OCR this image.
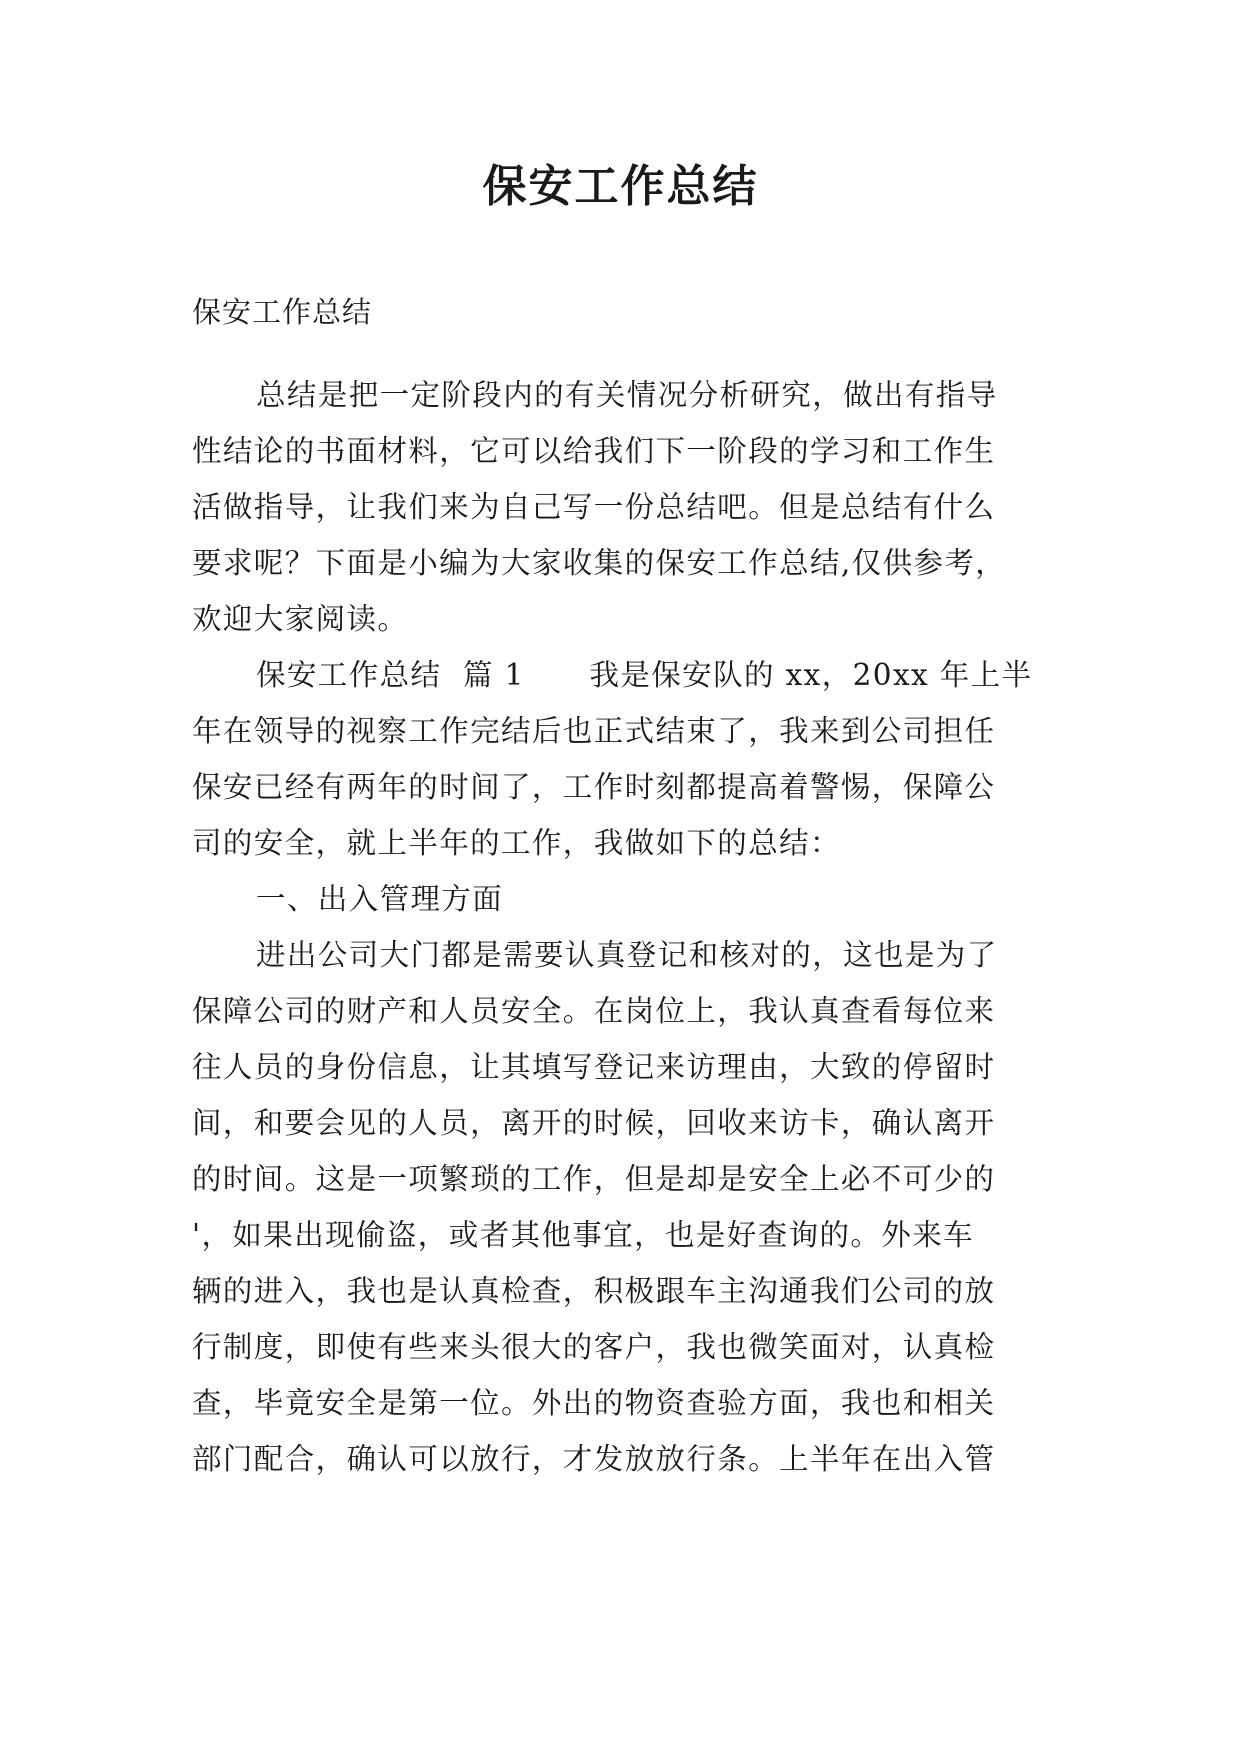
保安工作总结
保安工作总结
总结是把一定阶段内的有关情况分析研究，做出有指导
性结论的书面材料，它可以给我们下一阶段的学习和工作生
活做指导，让我们来为自己写一份总结吧。但是总结有什么
要求呢？下面是小编为大家收集的保安工作总结,仅供参考，
欢迎大家阅读。
保安工作总结  篇 1      我是保安队的 xx，20xx 年上半
年在领导的视察工作完结后也正式结束了，我来到公司担任
保安已经有两年的时间了，工作时刻都提高着警惕，保障公
司的安全，就上半年的工作，我做如下的总结：
一、出入管理方面
进出公司大门都是需要认真登记和核对的，这也是为了
保障公司的财产和人员安全。在岗位上，我认真查看每位来
往人员的身份信息，让其填写登记来访理由，大致的停留时
间，和要会见的人员，离开的时候，回收来访卡，确认离开
的时间。这是一项繁琐的工作，但是却是安全上必不可少的
'，如果出现偷盗，或者其他事宜，也是好查询的。外来车
辆的进入，我也是认真检查，积极跟车主沟通我们公司的放
行制度，即使有些来头很大的客户，我也微笑面对，认真检
查，毕竟安全是第一位。外出的物资查验方面，我也和相关
部门配合，确认可以放行，才发放放行条。上半年在出入管
